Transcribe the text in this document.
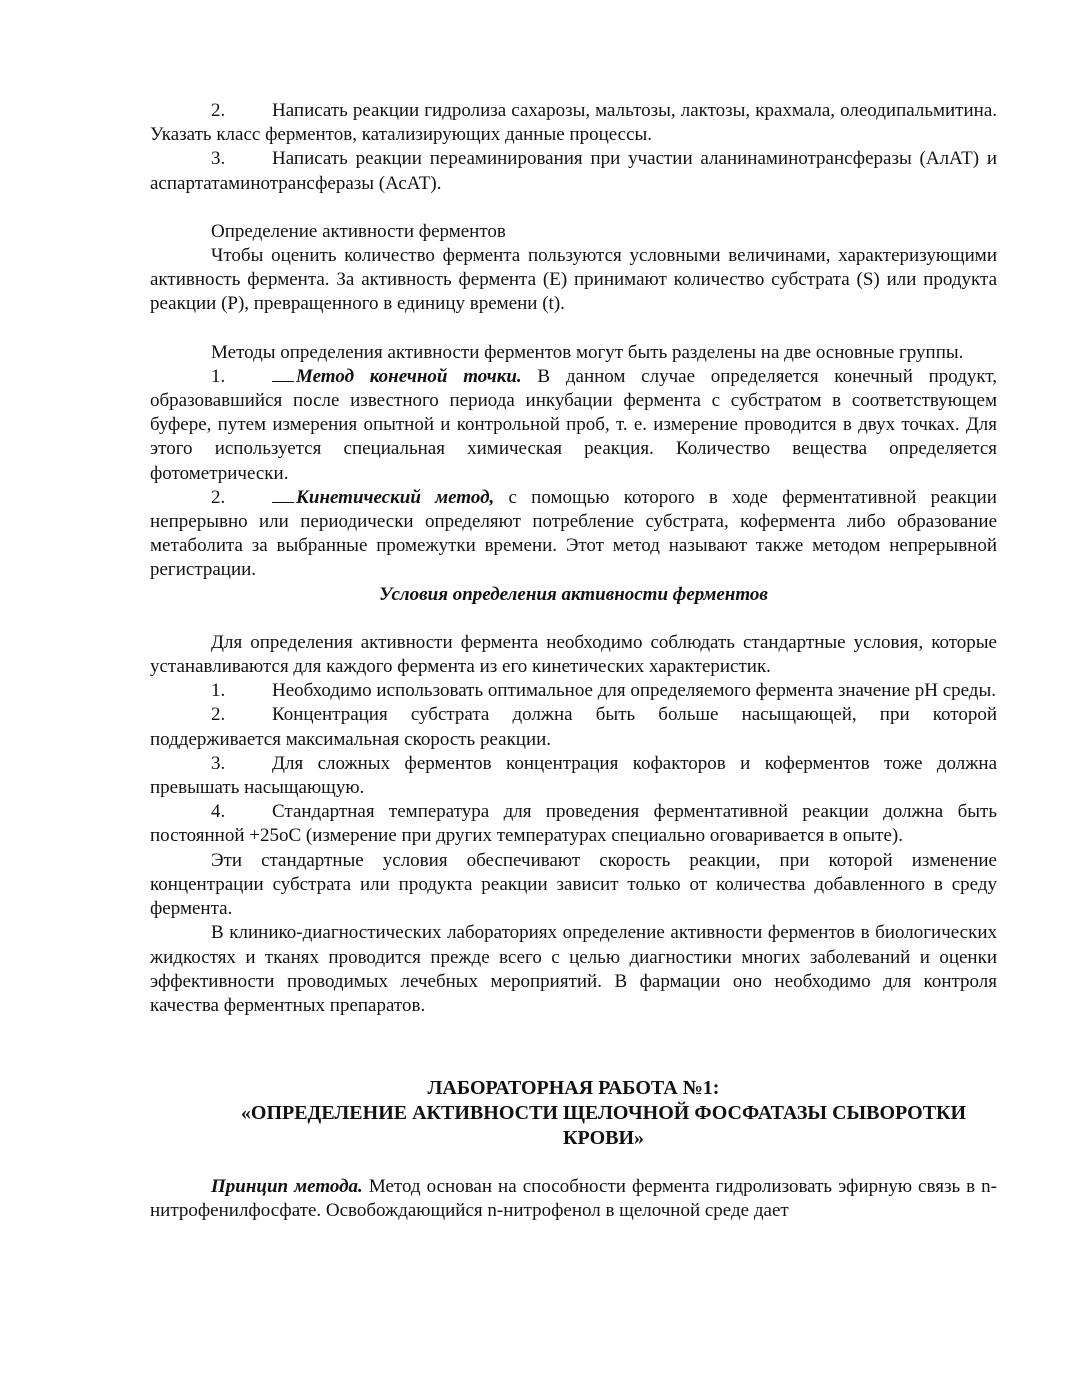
2. Написать реакции гидролиза сахарозы, мальтозы, лактозы, крахмала, олеодипальмитина. Указать класс ферментов, катализирующих данные процессы.

3. Написать реакции переаминирования при участии аланинаминотрансферазы (АлАТ) и аспартатаминотрансферазы (АсАТ).

Определение активности ферментов

Чтобы оценить количество фермента пользуются условными величинами, характеризующими активность фермента. За активность фермента (Е) принимают количество субстрата (S) или продукта реакции (Р), превращенного в единицу времени (t).

Методы определения активности ферментов могут быть разделены на две основные группы.

1.	Метод конечной точки. В данном случае определяется конечный продукт, образовавшийся после известного периода инкубации фермента с субстратом в соответствующем буфере, путем измерения опытной и контрольной проб, т. е. измерение проводится в двух точках. Для этого используется специальная химическая реакция. Количество вещества определяется фотометрически.

2.	Кинетический метод, с помощью которого в ходе ферментативной реакции непрерывно или периодически определяют потребление субстрата, кофермента либо образование метаболита за выбранные промежутки времени. Этот метод называют также методом непрерывной регистрации.

Условия определения активности ферментов

Для определения активности фермента необходимо соблюдать стандартные условия, которые устанавливаются для каждого фермента из его кинетических характеристик.

1. Необходимо использовать оптимальное для определяемого фермента значение рН среды.

2. Концентрация субстрата должна быть больше насыщающей, при которой поддерживается максимальная скорость реакции.

3. Для сложных ферментов концентрация кофакторов и коферментов тоже должна превышать насыщающую.

4. Стандартная температура для проведения ферментативной реакции должна быть постоянной +25оС (измерение при других температурах специально оговаривается в опыте).

Эти стандартные условия обеспечивают скорость реакции, при которой изменение концентрации субстрата или продукта реакции зависит только от количества добавленного в среду фермента.

В клинико-диагностических лабораториях определение активности ферментов в биологических жидкостях и тканях проводится прежде всего с целью диагностики многих заболеваний и оценки эффективности проводимых лечебных мероприятий. В фармации оно необходимо для контроля качества ферментных препаратов.

ЛАБОРАТОРНАЯ РАБОТА №1:

«ОПРЕДЕЛЕНИЕ АКТИВНОСТИ ЩЕЛОЧНОЙ ФОСФАТАЗЫ СЫВОРОТКИ КРОВИ»

Принцип метода. Метод основан на способности фермента гидролизовать эфирную связь в n-нитрофенилфосфате. Освобождающийся n-нитрофенол в щелочной среде дает
